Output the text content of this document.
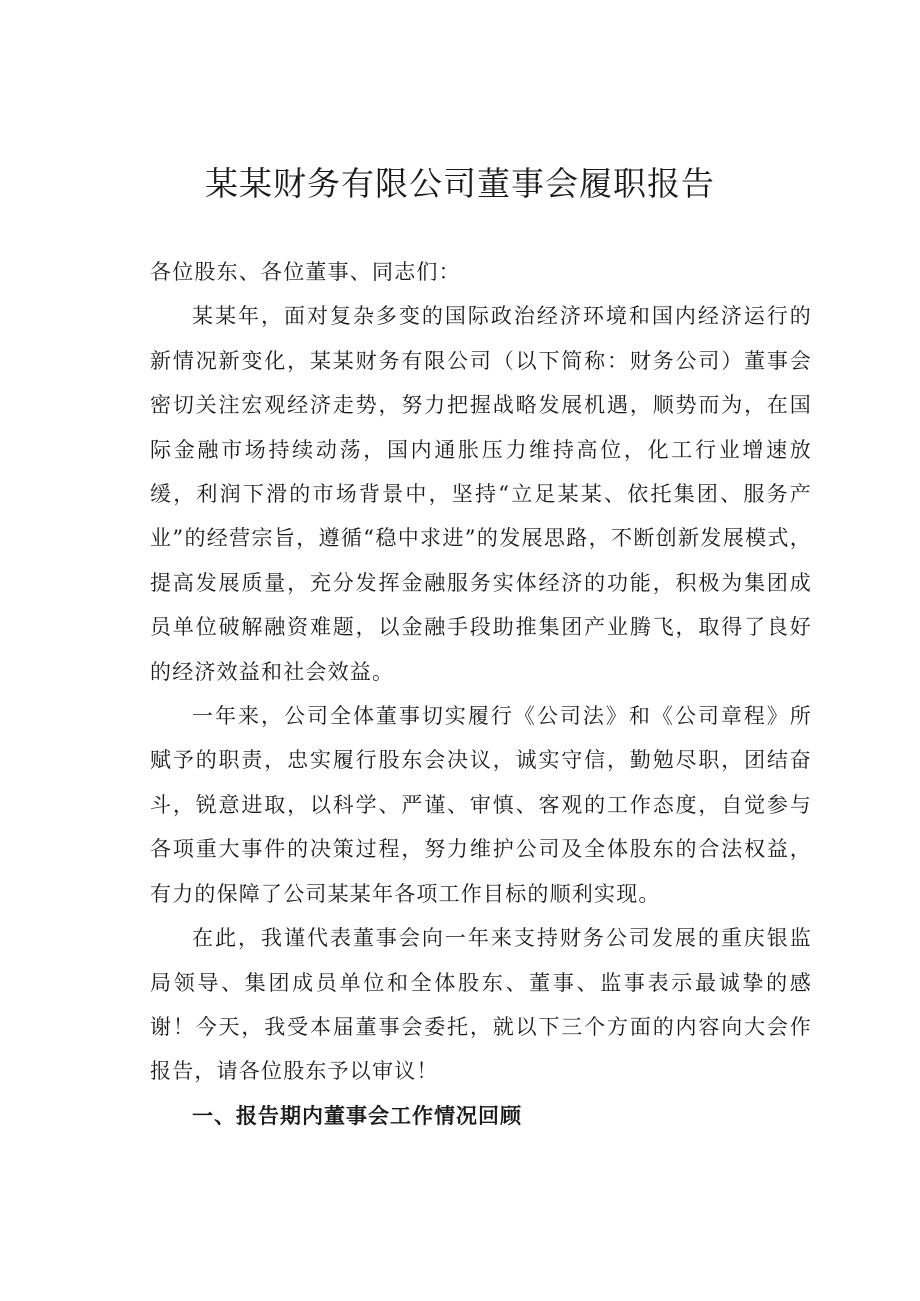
某某财务有限公司董事会履职报告

各位股东、各位董事、同志们：

某某年，面对复杂多变的国际政治经济环境和国内经济运行的新情况新变化，某某财务有限公司（以下简称：财务公司）董事会密切关注宏观经济走势，努力把握战略发展机遇，顺势而为，在国际金融市场持续动荡，国内通胀压力维持高位，化工行业增速放缓，利润下滑的市场背景中，坚持“立足某某、依托集团、服务产业”的经营宗旨，遵循“稳中求进”的发展思路，不断创新发展模式，提高发展质量，充分发挥金融服务实体经济的功能，积极为集团成员单位破解融资难题，以金融手段助推集团产业腾飞，取得了良好的经济效益和社会效益。

一年来，公司全体董事切实履行《公司法》和《公司章程》所赋予的职责，忠实履行股东会决议，诚实守信，勤勉尽职，团结奋斗，锐意进取，以科学、严谨、审慎、客观的工作态度，自觉参与各项重大事件的决策过程，努力维护公司及全体股东的合法权益，有力的保障了公司某某年各项工作目标的顺利实现。

在此，我谨代表董事会向一年来支持财务公司发展的重庆银监局领导、集团成员单位和全体股东、董事、监事表示最诚挚的感谢！今天，我受本届董事会委托，就以下三个方面的内容向大会作报告，请各位股东予以审议！

一、报告期内董事会工作情况回顾
